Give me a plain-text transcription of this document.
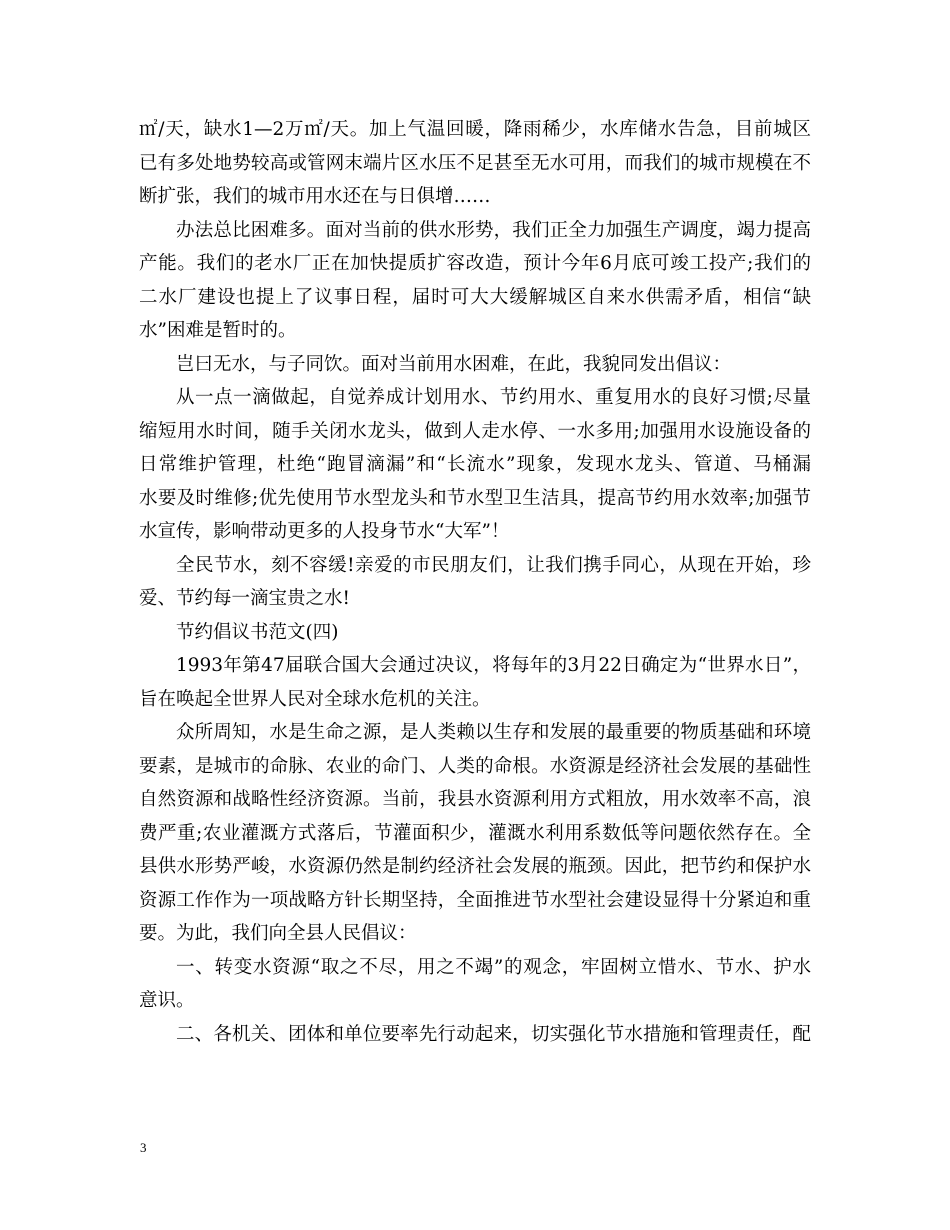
㎡/天，缺水1—2万㎡/天。加上气温回暖，降雨稀少，水库储水告急，目前城区
已有多处地势较高或管网末端片区水压不足甚至无水可用，而我们的城市规模在不
断扩张，我们的城市用水还在与日俱增……
办法总比困难多。面对当前的供水形势，我们正全力加强生产调度，竭力提高
产能。我们的老水厂正在加快提质扩容改造，预计今年6月底可竣工投产;我们的
二水厂建设也提上了议事日程，届时可大大缓解城区自来水供需矛盾，相信“缺
水”困难是暂时的。
岂曰无水，与子同饮。面对当前用水困难，在此，我貌同发出倡议：
从一点一滴做起，自觉养成计划用水、节约用水、重复用水的良好习惯;尽量
缩短用水时间，随手关闭水龙头，做到人走水停、一水多用;加强用水设施设备的
日常维护管理，杜绝“跑冒滴漏”和“长流水”现象，发现水龙头、管道、马桶漏
水要及时维修;优先使用节水型龙头和节水型卫生洁具，提高节约用水效率;加强节
水宣传，影响带动更多的人投身节水“大军”！
全民节水，刻不容缓!亲爱的市民朋友们，让我们携手同心，从现在开始，珍
爱、节约每一滴宝贵之水!
节约倡议书范文(四)
1993年第47届联合国大会通过决议，将每年的3月22日确定为“世界水日”，
旨在唤起全世界人民对全球水危机的关注。
众所周知，水是生命之源，是人类赖以生存和发展的最重要的物质基础和环境
要素，是城市的命脉、农业的命门、人类的命根。水资源是经济社会发展的基础性
自然资源和战略性经济资源。当前，我县水资源利用方式粗放，用水效率不高，浪
费严重;农业灌溉方式落后，节灌面积少，灌溉水利用系数低等问题依然存在。全
县供水形势严峻，水资源仍然是制约经济社会发展的瓶颈。因此，把节约和保护水
资源工作作为一项战略方针长期坚持，全面推进节水型社会建设显得十分紧迫和重
要。为此，我们向全县人民倡议：
一、转变水资源“取之不尽，用之不竭”的观念，牢固树立惜水、节水、护水
意识。
二、各机关、团体和单位要率先行动起来，切实强化节水措施和管理责任，配
3
